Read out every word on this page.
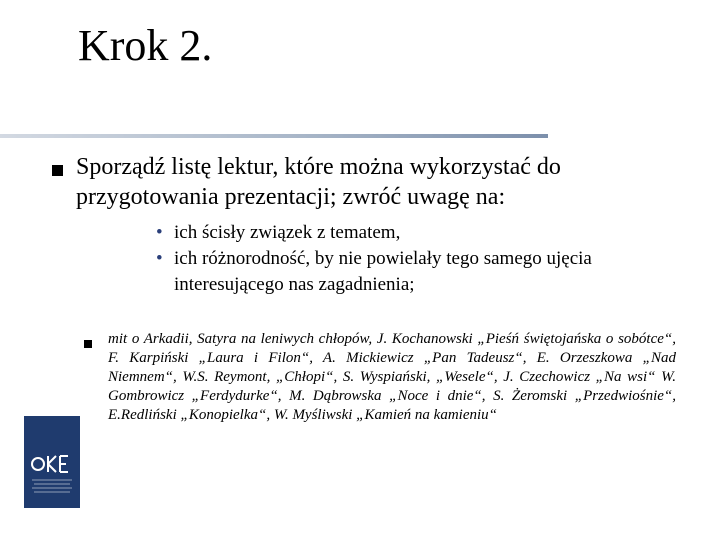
Krok 2.
Sporządź listę lektur, które można wykorzystać do przygotowania prezentacji; zwróć uwagę na:
• ich ścisły związek z tematem,
• ich różnorodność, by nie powielały tego samego ujęcia interesującego nas zagadnienia;
mit o Arkadii, Satyra na leniwych chłopów, J. Kochanowski „Pieśń świętojańska o sobótce“, F. Karpiński „Laura i Filon“, A. Mickiewicz „Pan Tadeusz“, E. Orzeszkowa „Nad Niemnem“, W.S. Reymont, „Chłopi“, S. Wyspiański, „Wesele“, J. Czechowicz „Na wsi“ W. Gombrowicz „Ferdydurke“, M. Dąbrowska „Noce i dnie“, S. Żeromski „Przedwiośnie“, E.Redliński „Konopielka“, W. Myśliwski „Kamień na kamieniu“
